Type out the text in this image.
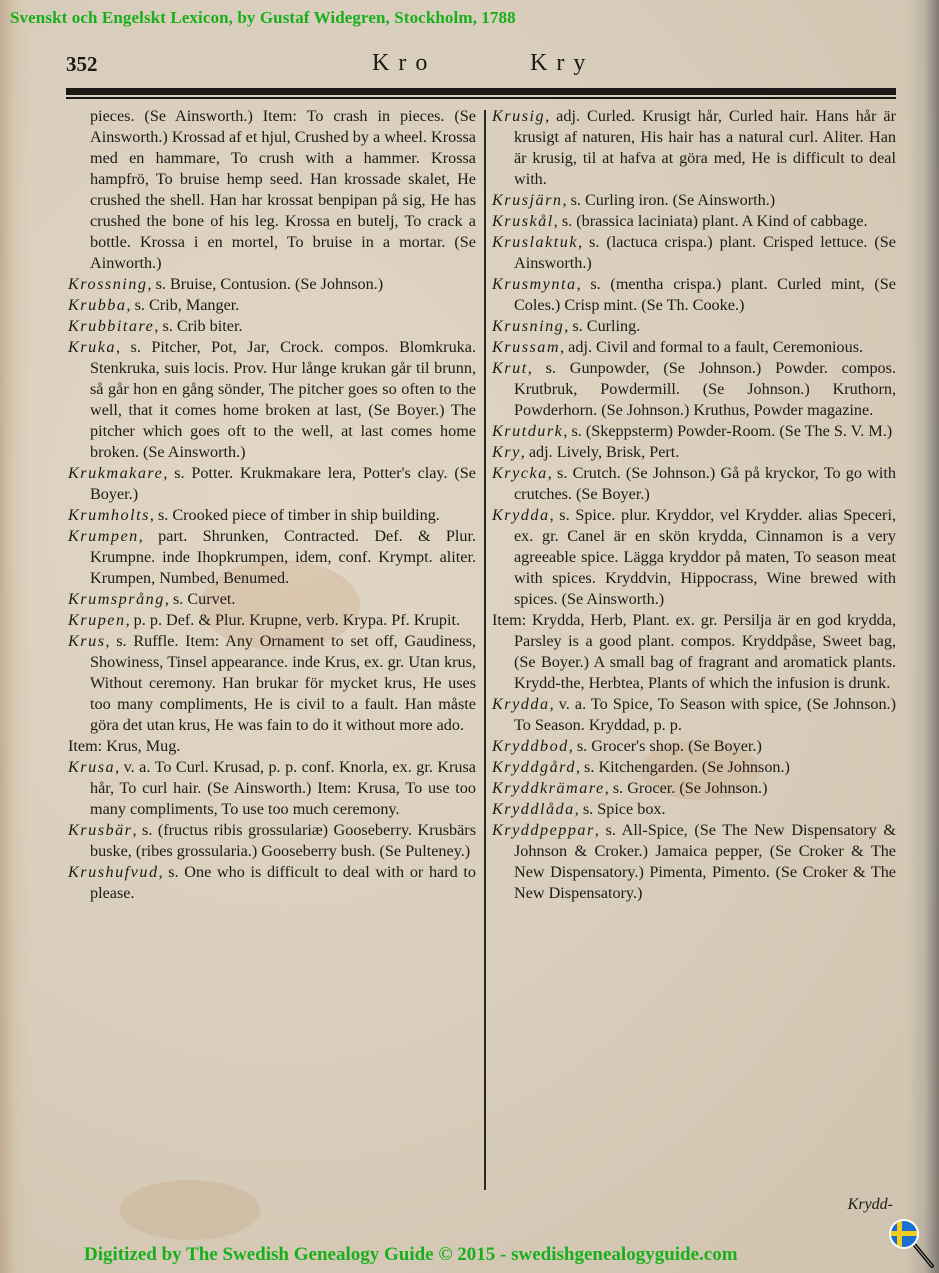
Svenskt och Engelskt Lexicon, by Gustaf Widegren, Stockholm, 1788
352	Kro	Kry
pieces. (Se Ainsworth.) Item: To crash in pieces. (Se Ainsworth.) Krossad af et hjul, Crushed by a wheel. Krossa med en hammare, To crush with a hammer. Krossa hampfrö, To bruise hemp seed. Han krossade skalet, He crushed the shell. Han har krossat benpipan på sig, He has crushed the bone of his leg. Krossa en butelj, To crack a bottle. Krossa i en mortel, To bruise in a mortar. (Se Ainworth.)
Krossning, s. Bruise, Contusion. (Se Johnson.)
Krubba, s. Crib, Manger.
Krubbitare, s. Crib biter.
Kruka, s. Pitcher, Pot, Jar, Crock. compos. Blomkruka. Stenkruka, suis locis. Prov. Hur långe krukan går til brunn, så går hon en gång sönder, The pitcher goes so often to the well, that it comes home broken at last, (Se Boyer.) The pitcher which goes oft to the well, at last comes home broken. (Se Ainsworth.)
Krukmakare, s. Potter. Krukmakare lera, Potter's clay. (Se Boyer.)
Krumholts, s. Crooked piece of timber in ship building.
Krumpen, part. Shrunken, Contracted. Def. & Plur. Krumpne. inde Ihopkrumpen, idem, conf. Krympt. aliter. Krumpen, Numbed, Benumed.
Krumsprång, s. Curvet.
Krupen, p. p. Def. & Plur. Krupne, verb. Krypa. Pf. Krupit.
Krus, s. Ruffle. Item: Any Ornament to set off, Gaudiness, Showiness, Tinsel appearance. inde Krus, ex. gr. Utan krus, Without ceremony. Han brukar för mycket krus, He uses too many compliments, He is civil to a fault. Han måste göra det utan krus, He was fain to do it without more ado.
Item: Krus, Mug.
Krusa, v. a. To Curl. Krusad, p. p. conf. Knorla, ex. gr. Krusa hår, To curl hair. (Se Ainsworth.) Item: Krusa, To use too many compliments, To use too much ceremony.
Krusbär, s. (fructus ribis grossulariæ) Gooseberry. Krusbärs buske, (ribes grossularia.) Gooseberry bush. (Se Pulteney.)
Krushufvud, s. One who is difficult to deal with or hard to please.
Krusig, adj. Curled. Krusigt hår, Curled hair. Hans hår är krusigt af naturen, His hair has a natural curl. Aliter. Han är krusig, til at hafva at göra med, He is difficult to deal with.
Krusjärn, s. Curling iron. (Se Ainsworth.)
Kruskål, s. (brassica laciniata) plant. A Kind of cabbage.
Kruslaktuk, s. (lactuca crispa.) plant. Crisped lettuce. (Se Ainsworth.)
Krusmynta, s. (mentha crispa.) plant. Curled mint, (Se Coles.) Crisp mint. (Se Th. Cooke.)
Krusning, s. Curling.
Krussam, adj. Civil and formal to a fault, Ceremonious.
Krut, s. Gunpowder, (Se Johnson.) Powder. compos. Krutbruk, Powdermill. (Se Johnson.) Kruthorn, Powderhorn. (Se Johnson.) Kruthus, Powder magazine.
Krutdurk, s. (Skeppsterm) Powder-Room. (Se The S. V. M.)
Kry, adj. Lively, Brisk, Pert.
Krycka, s. Crutch. (Se Johnson.) Gå på kryckor, To go with crutches. (Se Boyer.)
Krydda, s. Spice. plur. Kryddor, vel Krydder. alias Speceri, ex. gr. Canel är en skön krydda, Cinnamon is a very agreeable spice. Lägga kryddor på maten, To season meat with spices. Kryddvin, Hippocrass, Wine brewed with spices. (Se Ainsworth.)
Item: Krydda, Herb, Plant. ex. gr. Persilja är en god krydda, Parsley is a good plant. compos. Kryddpåse, Sweet bag, (Se Boyer.) A small bag of fragrant and aromatick plants. Krydd-the, Herbtea, Plants of which the infusion is drunk.
Krydda, v. a. To Spice, To Season with spice, (Se Johnson.) To Season. Kryddad, p. p.
Kryddbod, s. Grocer's shop. (Se Boyer.)
Kryddgård, s. Kitchengarden. (Se Johnson.)
Kryddkrämare, s. Grocer. (Se Johnson.)
Kryddlåda, s. Spice box.
Kryddpeppar, s. All-Spice, (Se The New Dispensatory & Johnson & Croker.) Jamaica pepper, (Se Croker & The New Dispensatory.) Pimenta, Pimento. (Se Croker & The New Dispensatory.)
Krydd-
Digitized by The Swedish Genealogy Guide © 2015 - swedishgenealogyguide.com
